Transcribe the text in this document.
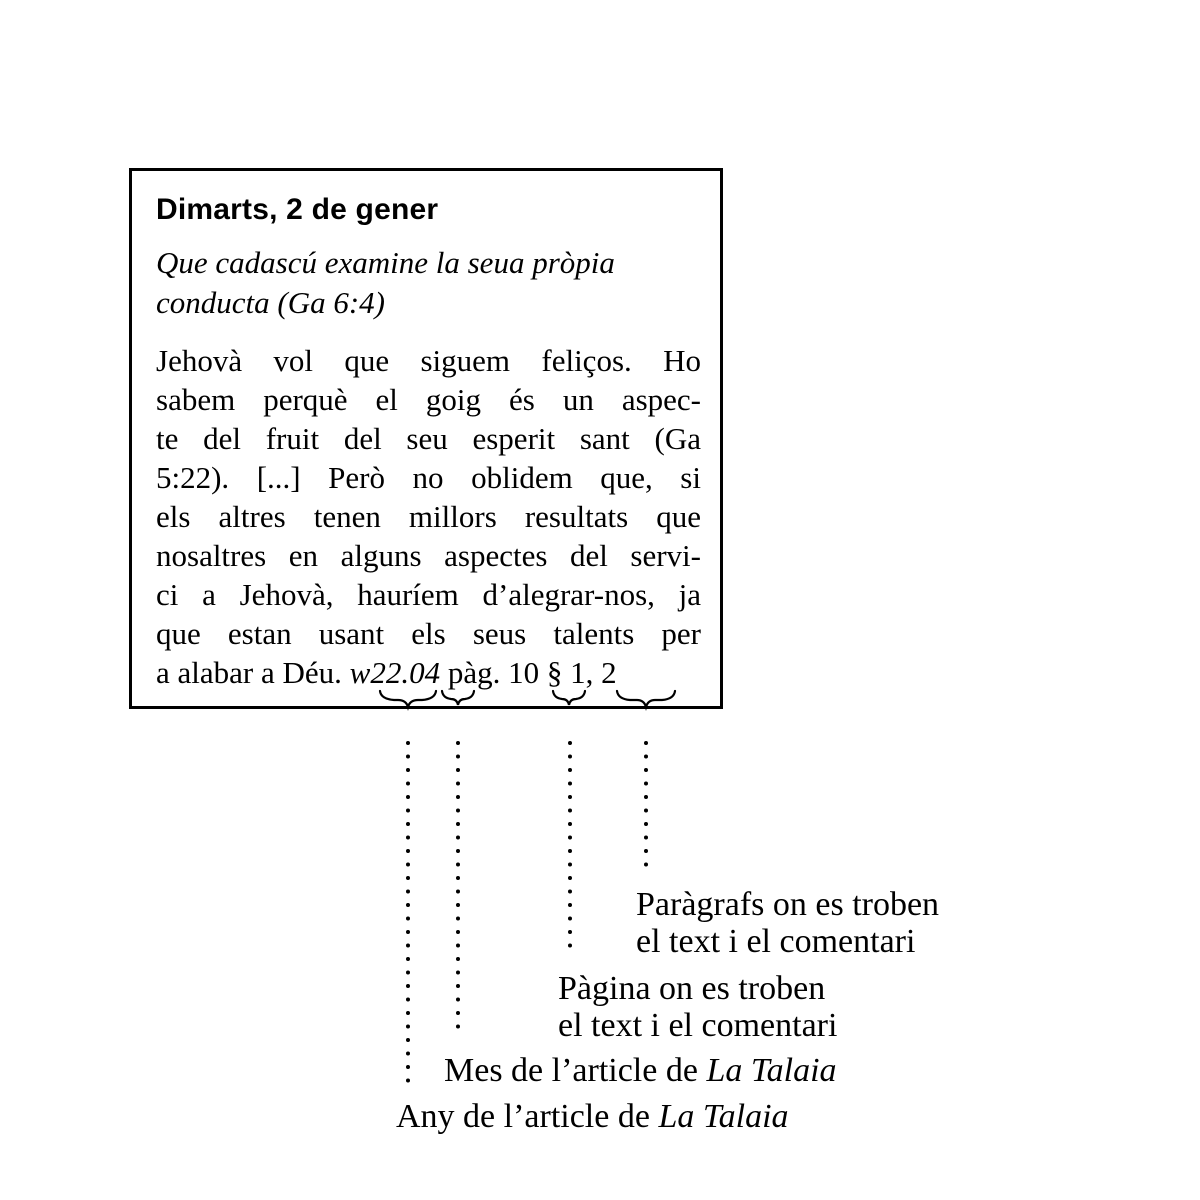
Dimarts, 2 de gener
Que cadascú examine la seua pròpia
conducta (Ga 6:4)
Jehovà vol que siguem feliços. Ho
sabem perquè el goig és un aspec-
te del fruit del seu esperit sant (Ga
5:22). [...] Però no oblidem que, si
els altres tenen millors resultats que
nosaltres en alguns aspectes del servi-
ci a Jehovà, hauríem d’alegrar-nos, ja
que estan usant els seus talents per
a alabar a Déu. w22.04 pàg. 10 § 1, 2
Paràgrafs on es troben
el text i el comentari
Pàgina on es troben
el text i el comentari
Mes de l’article de La Talaia
Any de l’article de La Talaia
